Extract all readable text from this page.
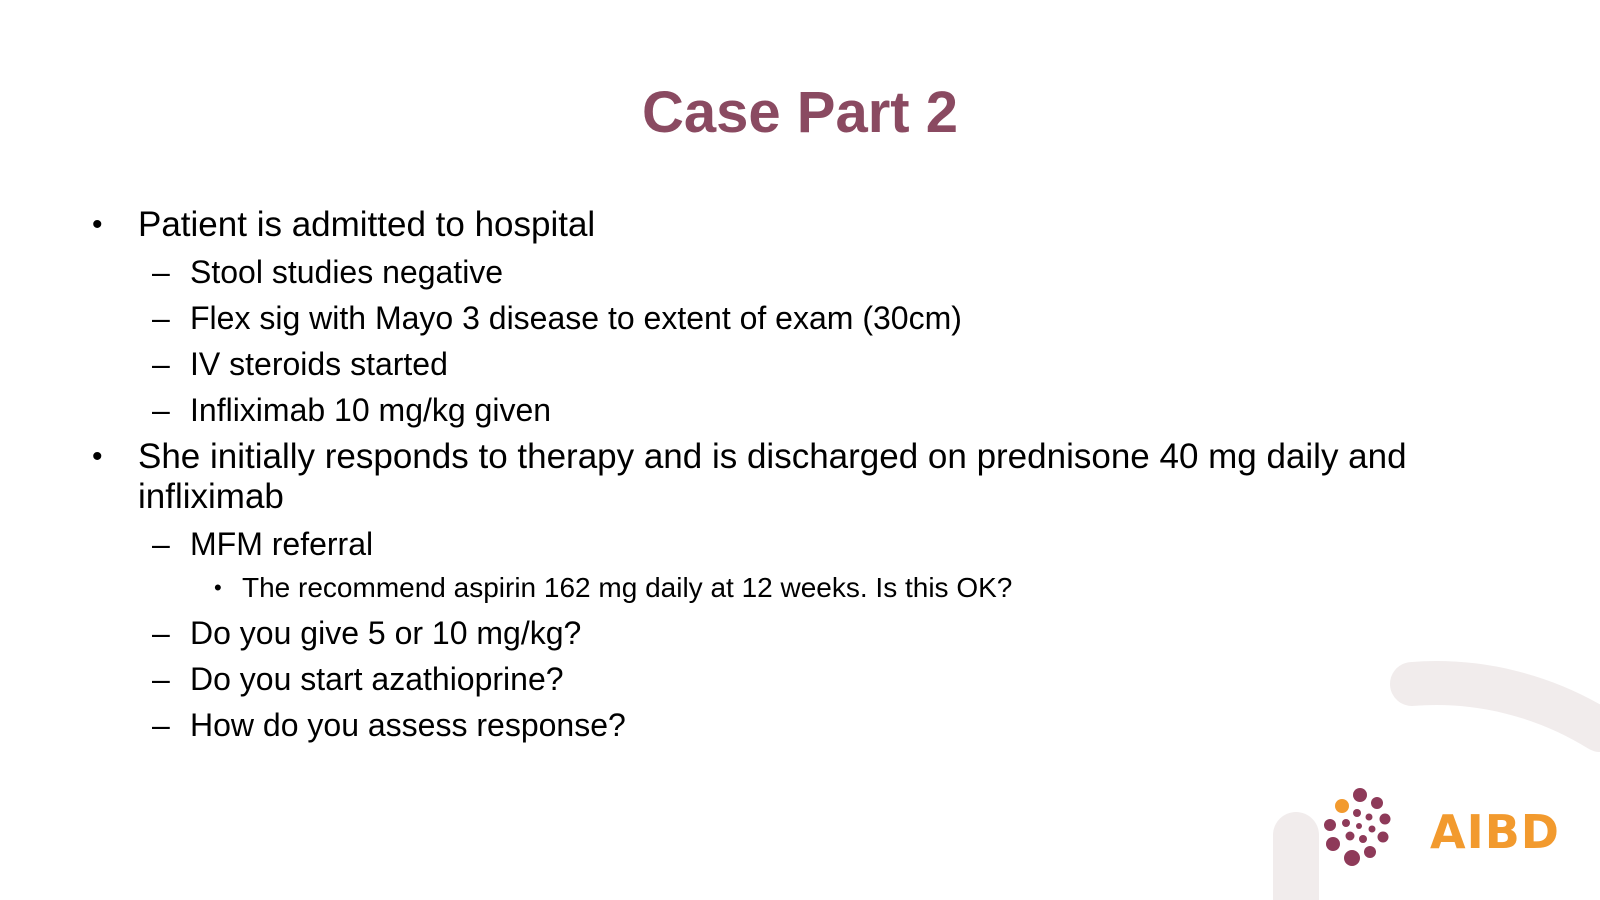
Case Part 2
• Patient is admitted to hospital
– Stool studies negative
– Flex sig with Mayo 3 disease to extent of exam (30cm)
– IV steroids started
– Infliximab 10 mg/kg given
• She initially responds to therapy and is discharged on prednisone 40 mg daily and infliximab
– MFM referral
• The recommend aspirin 162 mg daily at 12 weeks. Is this OK?
– Do you give 5 or 10 mg/kg?
– Do you start azathioprine?
– How do you assess response?
AIBD
